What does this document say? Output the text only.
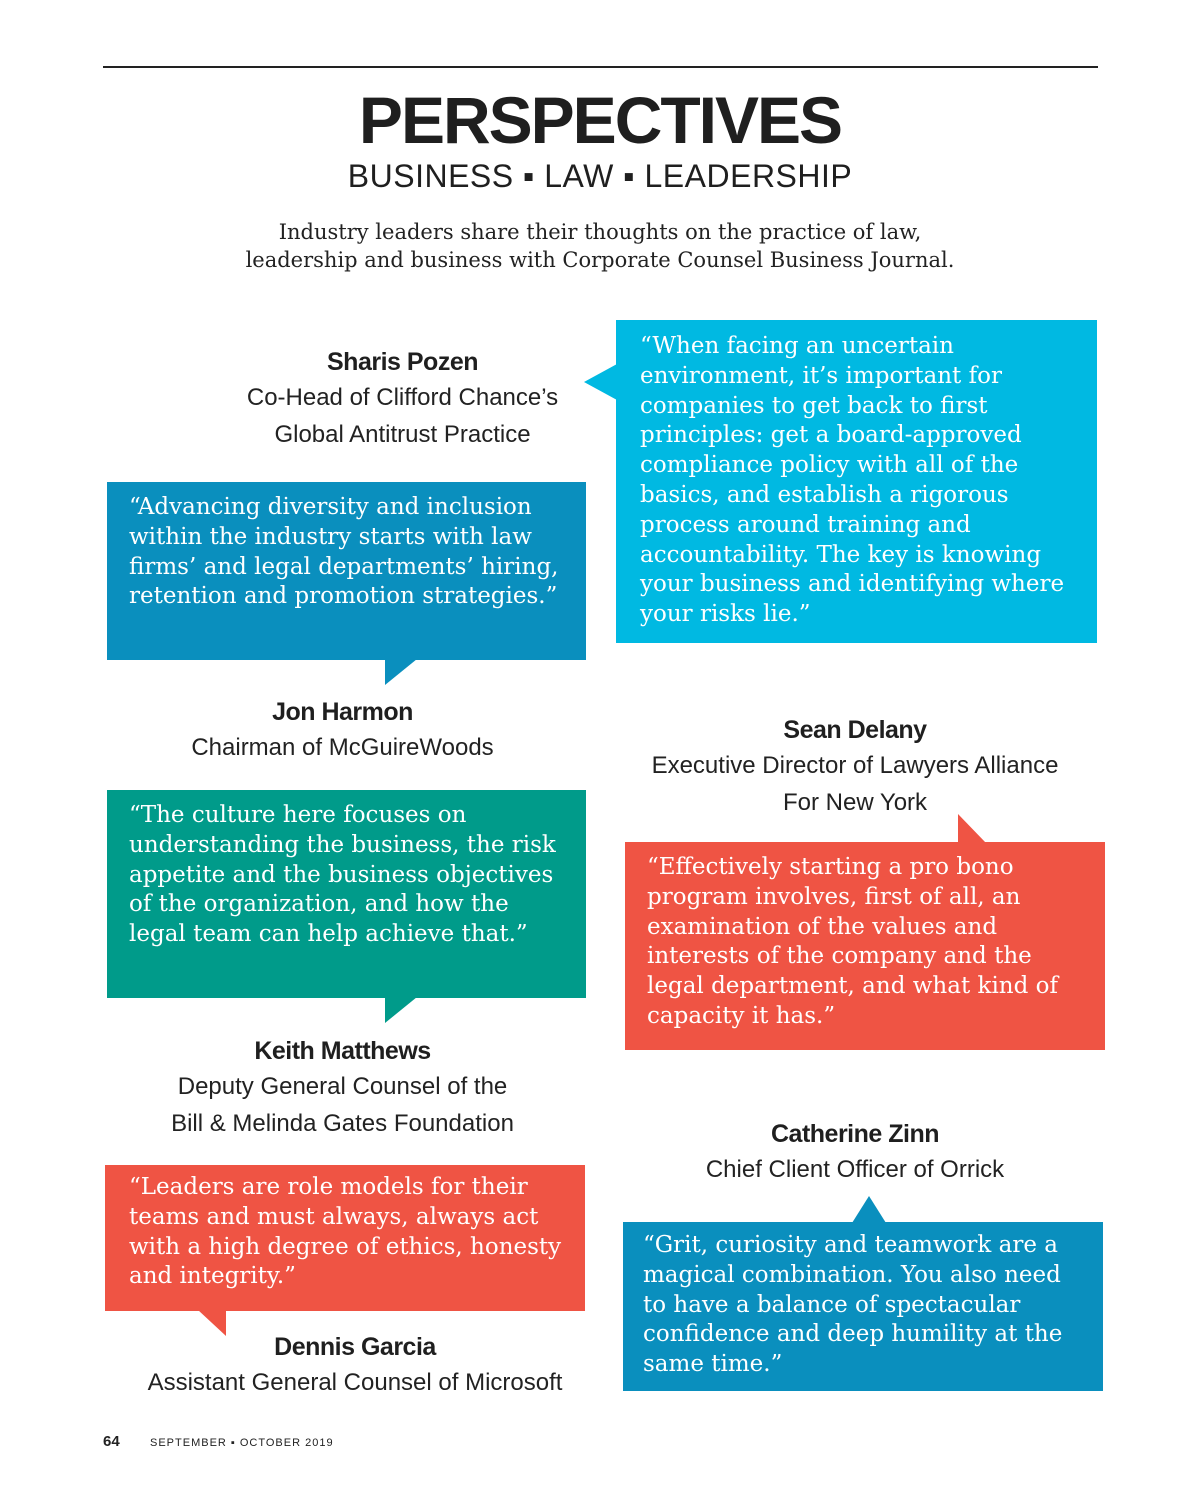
PERSPECTIVES
BUSINESS ▪ LAW ▪ LEADERSHIP
Industry leaders share their thoughts on the practice of law,
leadership and business with Corporate Counsel Business Journal.
Sharis Pozen
Co-Head of Clifford Chance’s
Global Antitrust Practice
“When facing an uncertain environment, it’s important for companies to get back to first principles: get a board-approved compliance policy with all of the basics, and establish a rigorous process around training and accountability. The key is knowing your business and identifying where your risks lie.”
“Advancing diversity and inclusion within the industry starts with law firms’ and legal departments’ hiring, retention and promotion strategies.”
Jon Harmon
Chairman of McGuireWoods
“The culture here focuses on understanding the business, the risk appetite and the business objectives of the organization, and how the legal team can help achieve that.”
Keith Matthews
Deputy General Counsel of the
Bill & Melinda Gates Foundation
“Leaders are role models for their teams and must always, always act with a high degree of ethics, honesty and integrity.”
Dennis Garcia
Assistant General Counsel of Microsoft
Sean Delany
Executive Director of Lawyers Alliance
For New York
“Effectively starting a pro bono program involves, first of all, an examination of the values and interests of the company and the legal department, and what kind of capacity it has.”
Catherine Zinn
Chief Client Officer of Orrick
“Grit, curiosity and teamwork are a magical combination. You also need to have a balance of spectacular confidence and deep humility at the same time.”
64	SEPTEMBER ▪ OCTOBER 2019
